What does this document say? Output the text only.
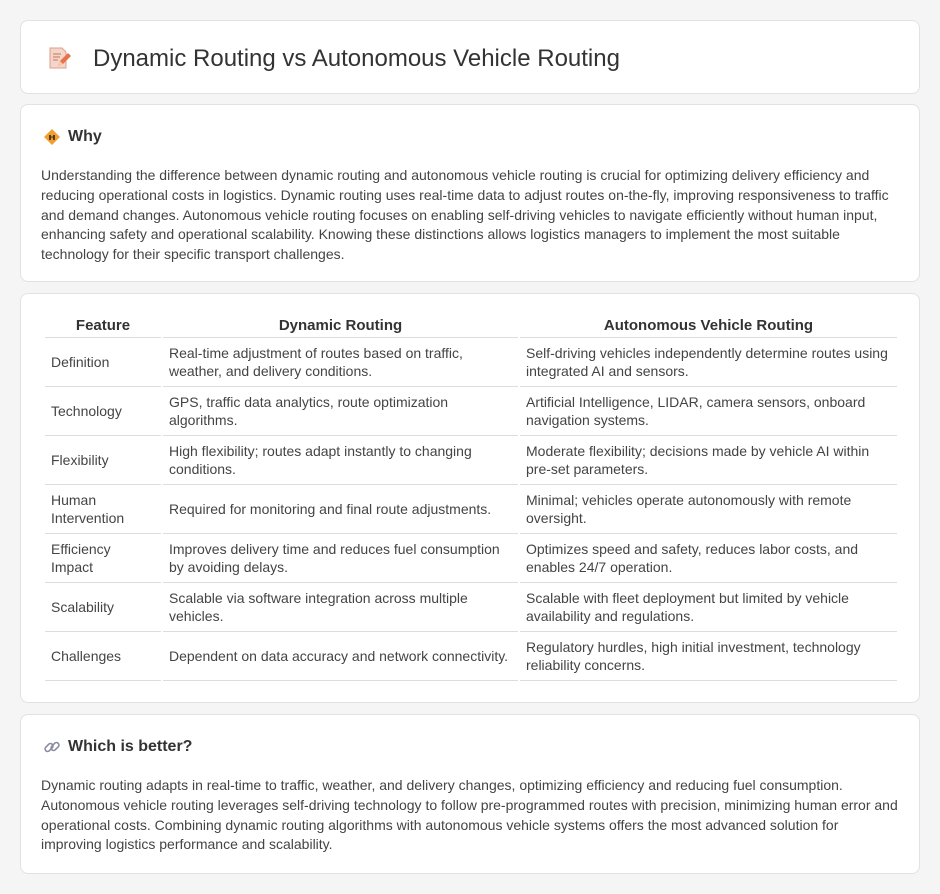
Dynamic Routing vs Autonomous Vehicle Routing
Why

Understanding the difference between dynamic routing and autonomous vehicle routing is crucial for optimizing delivery efficiency and reducing operational costs in logistics. Dynamic routing uses real-time data to adjust routes on-the-fly, improving responsiveness to traffic and demand changes. Autonomous vehicle routing focuses on enabling self-driving vehicles to navigate efficiently without human input, enhancing safety and operational scalability. Knowing these distinctions allows logistics managers to implement the most suitable technology for their specific transport challenges.

Feature	Dynamic Routing	Autonomous Vehicle Routing
Definition	Real-time adjustment of routes based on traffic, weather, and delivery conditions.	Self-driving vehicles independently determine routes using integrated AI and sensors.
Technology	GPS, traffic data analytics, route optimization algorithms.	Artificial Intelligence, LIDAR, camera sensors, onboard navigation systems.
Flexibility	High flexibility; routes adapt instantly to changing conditions.	Moderate flexibility; decisions made by vehicle AI within pre-set parameters.
Human Intervention	Required for monitoring and final route adjustments.	Minimal; vehicles operate autonomously with remote oversight.
Efficiency Impact	Improves delivery time and reduces fuel consumption by avoiding delays.	Optimizes speed and safety, reduces labor costs, and enables 24/7 operation.
Scalability	Scalable via software integration across multiple vehicles.	Scalable with fleet deployment but limited by vehicle availability and regulations.
Challenges	Dependent on data accuracy and network connectivity.	Regulatory hurdles, high initial investment, technology reliability concerns.
Which is better?

Dynamic routing adapts in real-time to traffic, weather, and delivery changes, optimizing efficiency and reducing fuel consumption. Autonomous vehicle routing leverages self-driving technology to follow pre-programmed routes with precision, minimizing human error and operational costs. Combining dynamic routing algorithms with autonomous vehicle systems offers the most advanced solution for improving logistics performance and scalability.
